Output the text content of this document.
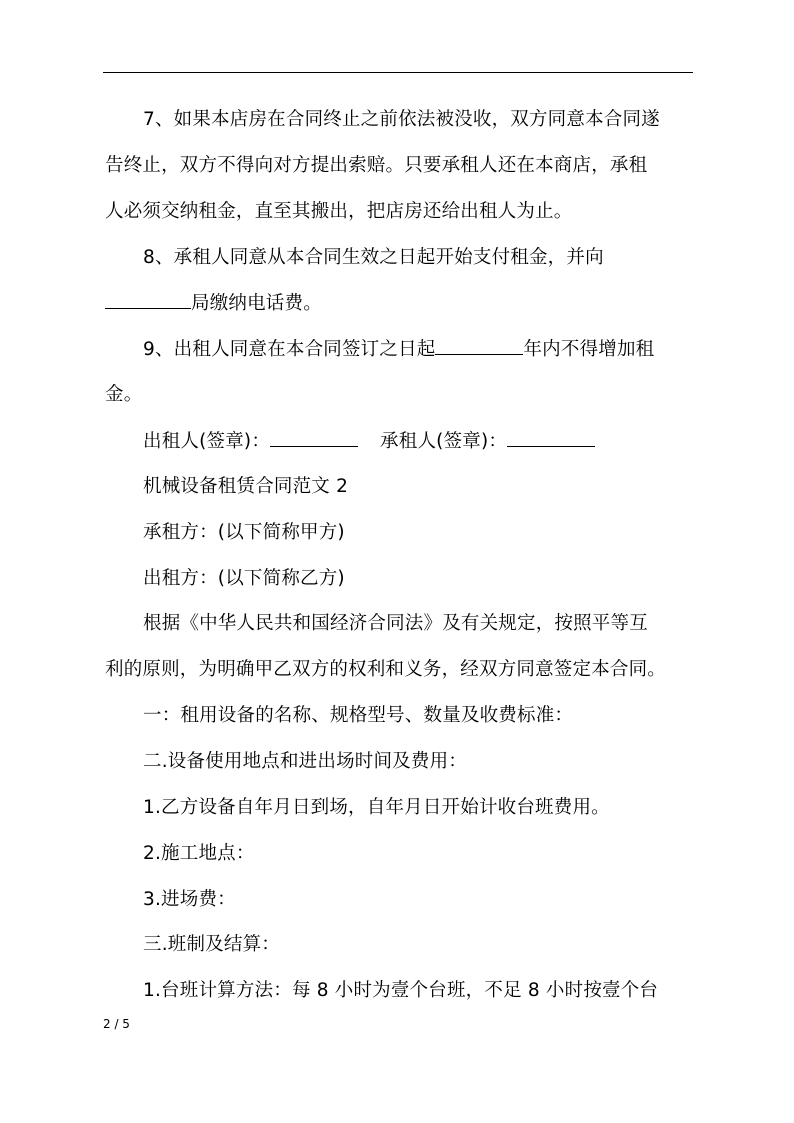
7、如果本店房在合同终止之前依法被没收，双方同意本合同遂
告终止，双方不得向对方提出索赔。只要承租人还在本商店，承租
人必须交纳租金，直至其搬出，把店房还给出租人为止。
8、承租人同意从本合同生效之日起开始支付租金，并向
局缴纳电话费。
9、出租人同意在本合同签订之日起	年内不得增加租
金。
出租人(签章)：	承租人(签章)：
机械设备租赁合同范文 2
承租方：(以下简称甲方)
出租方：(以下简称乙方)
根据《中华人民共和国经济合同法》及有关规定，按照平等互
利的原则，为明确甲乙双方的权利和义务，经双方同意签定本合同。
一：租用设备的名称、规格型号、数量及收费标准：
二.设备使用地点和进出场时间及费用：
1.乙方设备自年月日到场，自年月日开始计收台班费用。
2.施工地点：
3.进场费：
三.班制及结算：
1.台班计算方法：每 8 小时为壹个台班，不足 8 小时按壹个台
2 / 5
